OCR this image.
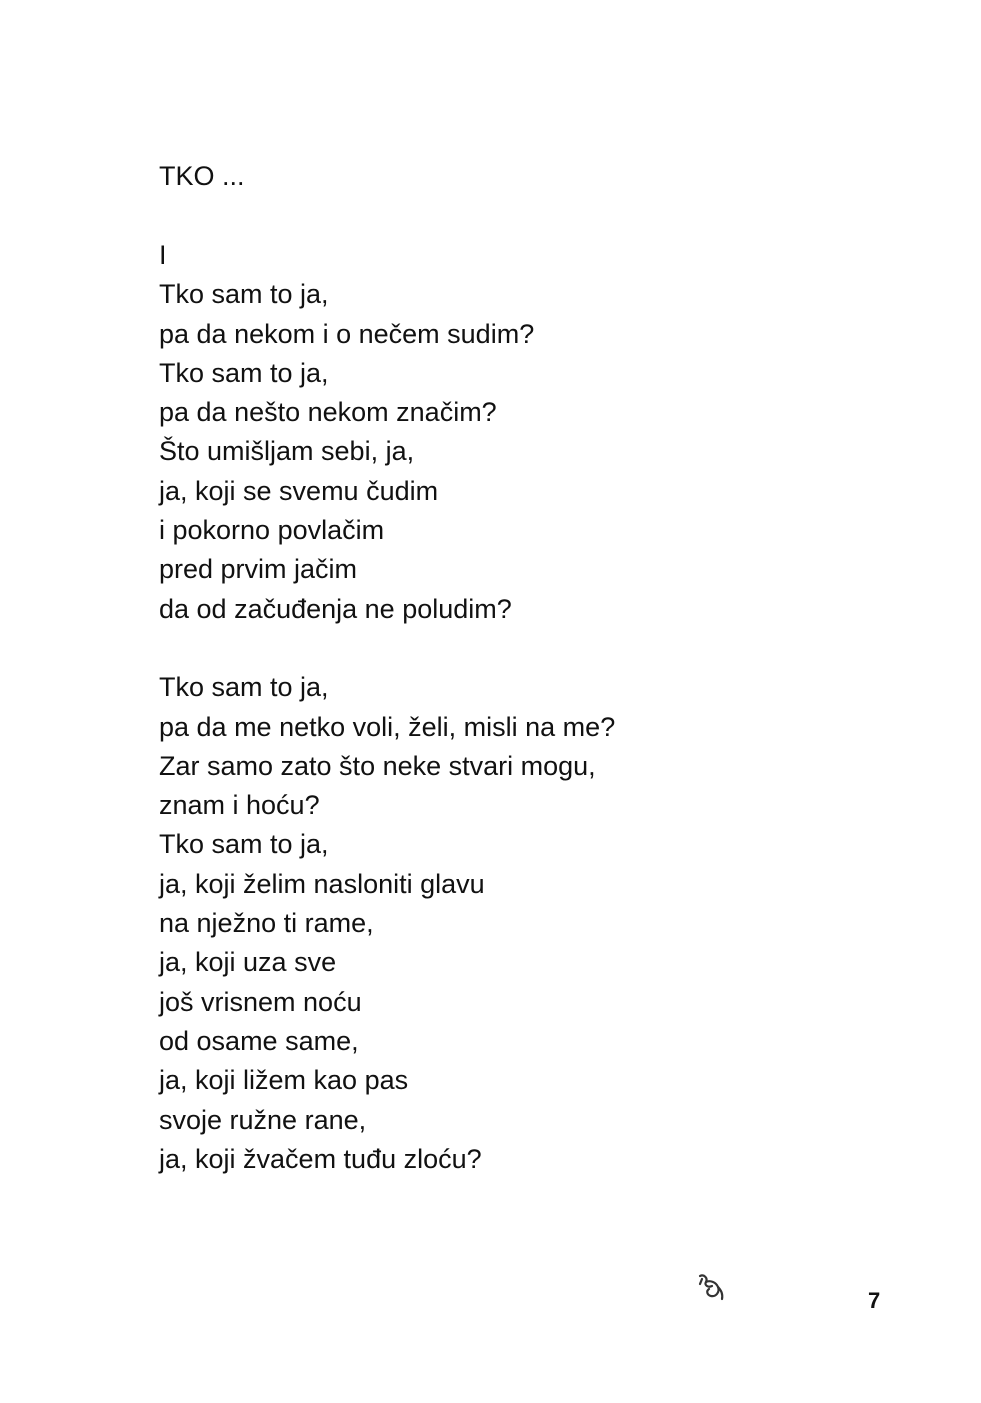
TKO ...
I
Tko sam to ja,
pa da nekom i o nečem sudim?
Tko sam to ja,
pa da nešto nekom značim?
Što umišljam sebi, ja,
ja, koji se svemu čudim
i pokorno povlačim
pred prvim jačim
da od začuđenja ne poludim?
Tko sam to ja,
pa da me netko voli, želi, misli na me?
Zar samo zato što neke stvari mogu,
znam i hoću?
Tko sam to ja,
ja, koji želim nasloniti glavu
na nježno ti rame,
ja, koji uza sve
još vrisnem noću
od osame same,
ja, koji ližem kao pas
svoje ružne rane,
ja, koji žvačem tuđu zloću?
7
